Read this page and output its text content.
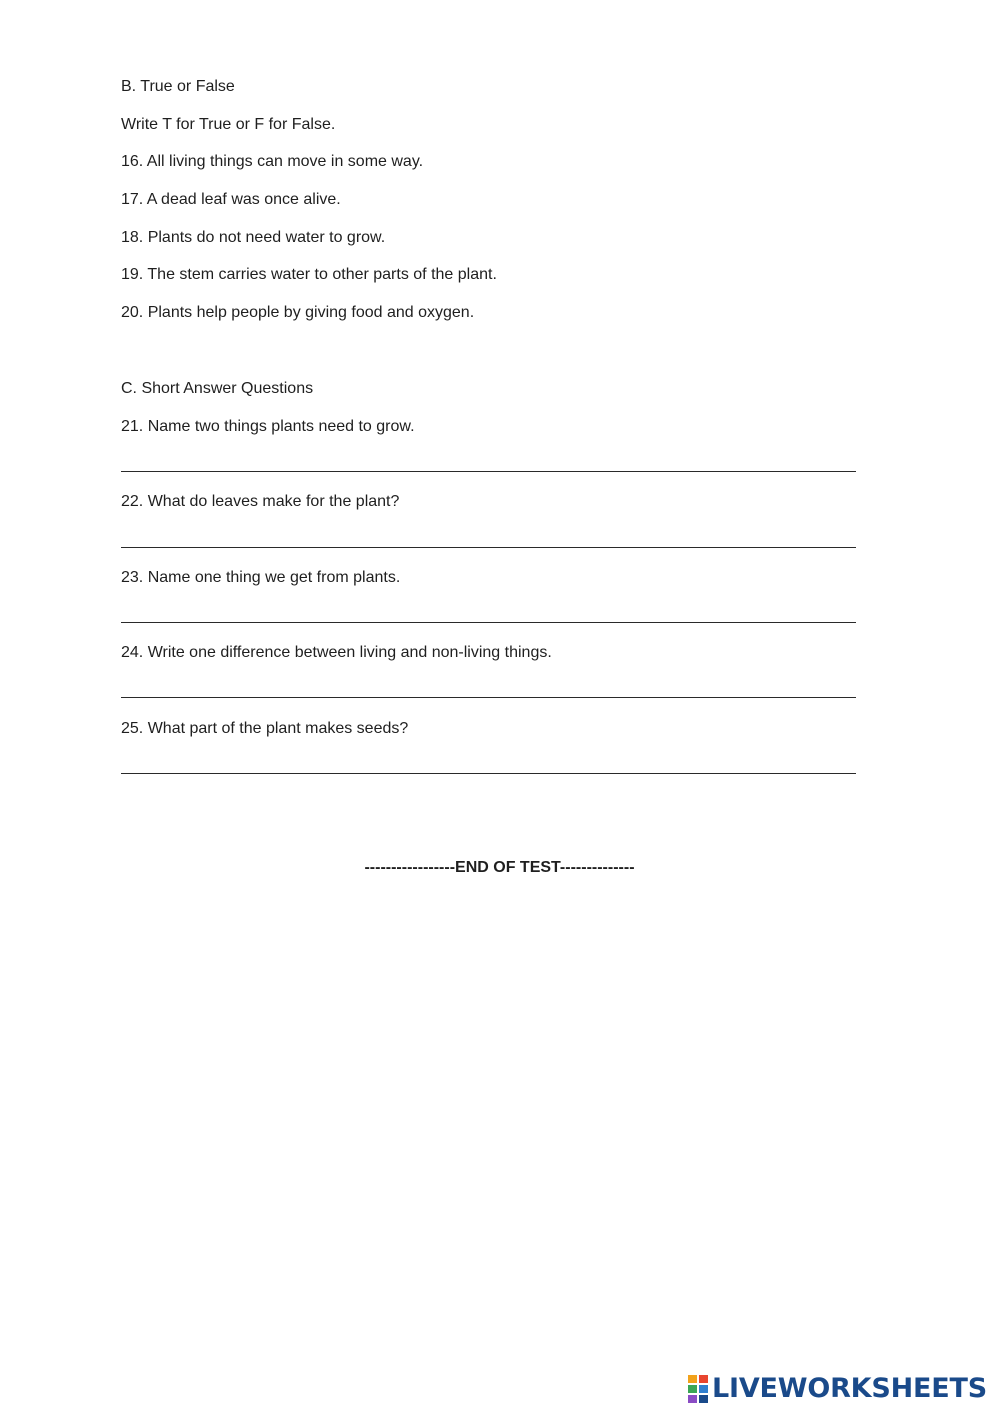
B. True or False
Write T for True or F for False.
16. All living things can move in some way.
17. A dead leaf was once alive.
18. Plants do not need water to grow.
19. The stem carries water to other parts of the plant.
20. Plants help people by giving food and oxygen.
C. Short Answer Questions
21. Name two things plants need to grow.
22. What do leaves make for the plant?
23. Name one thing we get from plants.
24. Write one difference between living and non-living things.
25. What part of the plant makes seeds?
-----------------END OF TEST--------------
LIVEWORKSHEETS
